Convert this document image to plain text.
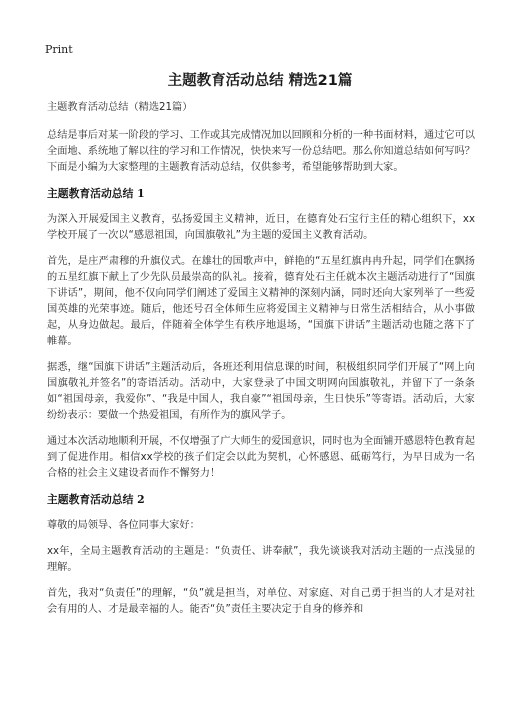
Print
主题教育活动总结 精选21篇

主题教育活动总结（精选21篇）

总结是事后对某一阶段的学习、工作或其完成情况加以回顾和分析的一种书面材料，通过它可以全面地、系统地了解以往的学习和工作情况，快快来写一份总结吧。那么你知道总结如何写吗？下面是小编为大家整理的主题教育活动总结，仅供参考，希望能够帮助到大家。

主题教育活动总结 1

为深入开展爱国主义教育，弘扬爱国主义精神，近日，在德育处石宝行主任的精心组织下，xx学校开展了一次以“感恩祖国，向国旗敬礼”为主题的爱国主义教育活动。

首先，是庄严肃穆的升旗仪式。在雄壮的国歌声中，鲜艳的“五星红旗冉冉升起，同学们在飘扬的五星红旗下献上了少先队员最崇高的队礼。接着，德育处石主任就本次主题活动进行了“国旗下讲话”，期间，他不仅向同学们阐述了爱国主义精神的深刻内涵，同时还向大家列举了一些爱国英雄的光荣事迹。随后，他还号召全体师生应将爱国主义精神与日常生活相结合，从小事做起，从身边做起。最后，伴随着全体学生有秩序地退场，“国旗下讲话”主题活动也随之落下了帷幕。

据悉，继“国旗下讲话”主题活动后，各班还利用信息课的时间，积极组织同学们开展了“网上向国旗敬礼并签名”的寄语活动。活动中，大家登录了中国文明网向国旗敬礼，并留下了一条条如“祖国母亲，我爱你”、“我是中国人，我自豪”“祖国母亲，生日快乐”等寄语。活动后，大家纷纷表示：要做一个热爱祖国，有所作为的旗风学子。

通过本次活动地顺利开展，不仅增强了广大师生的爱国意识，同时也为全面铺开感恩特色教育起到了促进作用。相信xx学校的孩子们定会以此为契机，心怀感恩、砥砺笃行，为早日成为一名合格的社会主义建设者而作不懈努力！

主题教育活动总结 2

尊敬的局领导、各位同事大家好：

xx年，全局主题教育活动的主题是：“负责任、讲奉献”，我先谈谈我对活动主题的一点浅显的理解。

首先，我对“负责任”的理解，“负”就是担当，对单位、对家庭、对自己勇于担当的人才是对社会有用的人、才是最幸福的人。能否“负”责任主要决定于自身的修养和
